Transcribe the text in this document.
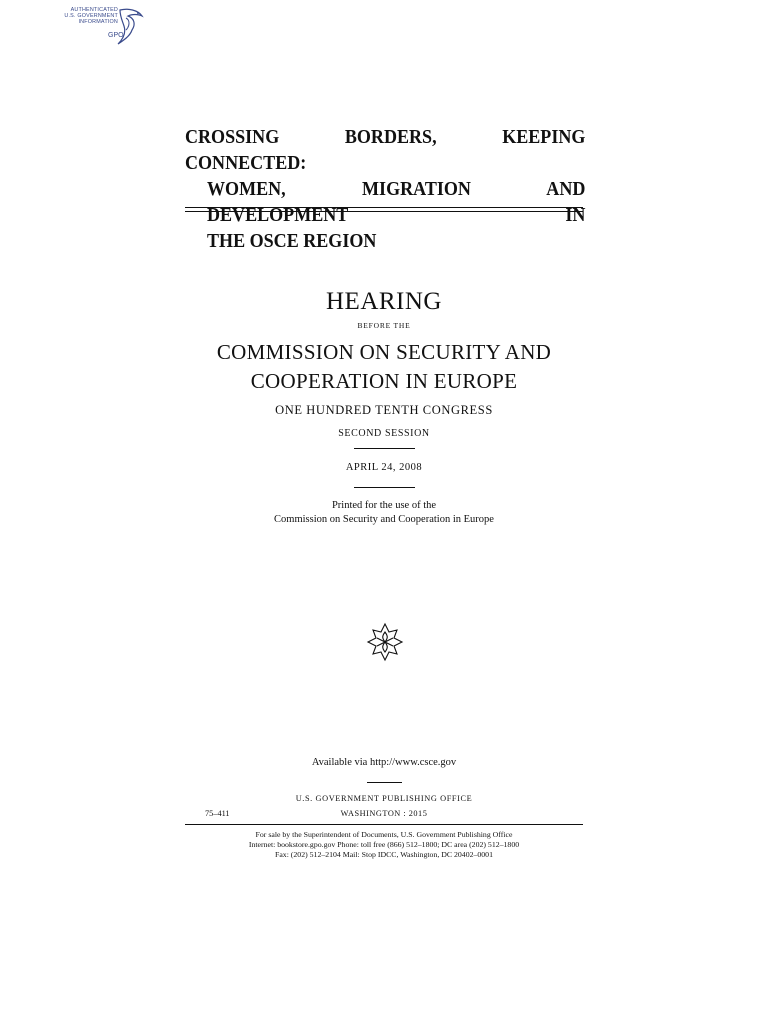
AUTHENTICATED
U.S. GOVERNMENT
INFORMATION
GPO
CROSSING BORDERS, KEEPING CONNECTED:
WOMEN, MIGRATION AND DEVELOPMENT IN
THE OSCE REGION
HEARING
BEFORE THE
COMMISSION ON SECURITY AND
COOPERATION IN EUROPE
ONE HUNDRED TENTH CONGRESS
SECOND SESSION
APRIL 24, 2008
Printed for the use of the
Commission on Security and Cooperation in Europe
Available via http://www.csce.gov
U.S. GOVERNMENT PUBLISHING OFFICE
75–411	WASHINGTON : 2015
For sale by the Superintendent of Documents, U.S. Government Publishing Office
Internet: bookstore.gpo.gov Phone: toll free (866) 512–1800; DC area (202) 512–1800
Fax: (202) 512–2104 Mail: Stop IDCC, Washington, DC 20402–0001
